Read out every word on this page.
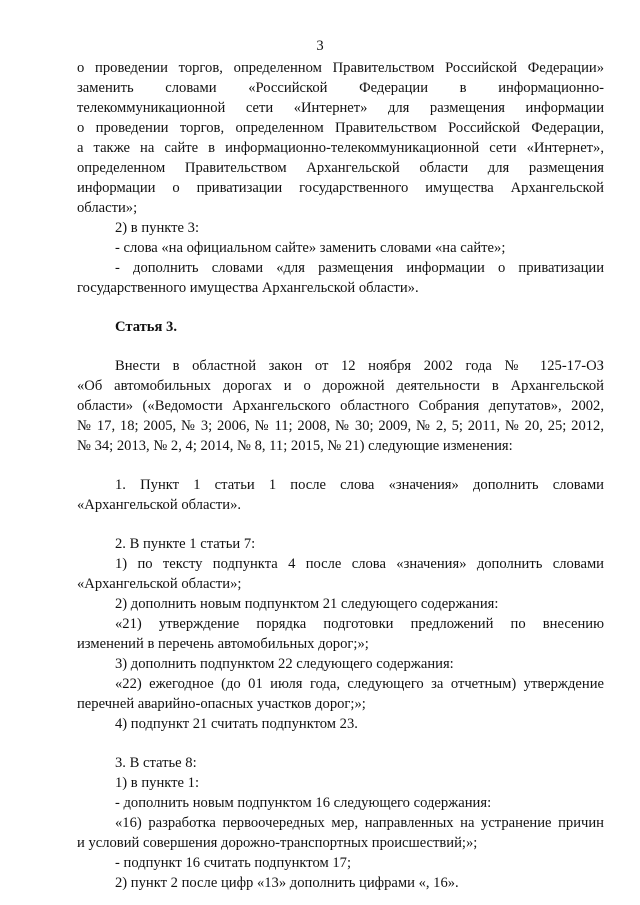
3
о проведении торгов, определенном Правительством Российской Федерации»
заменить словами «Российской Федерации в информационно-
телекоммуникационной сети «Интернет» для размещения информации
о проведении торгов, определенном Правительством Российской Федерации,
а также на сайте в информационно-телекоммуникационной сети «Интернет»,
определенном Правительством Архангельской области для размещения
информации о приватизации государственного имущества Архангельской
области»;
2) в пункте 3:
- слова «на официальном сайте» заменить словами «на сайте»;
- дополнить словами «для размещения информации о приватизации
государственного имущества Архангельской области».
Статья 3.
Внести в областной закон от 12 ноября 2002 года № 125-17-ОЗ
«Об автомобильных дорогах и о дорожной деятельности в Архангельской
области» («Ведомости Архангельского областного Собрания депутатов», 2002,
№ 17, 18; 2005, № 3; 2006, № 11; 2008, № 30; 2009, № 2, 5; 2011, № 20, 25; 2012,
№ 34; 2013, № 2, 4; 2014, № 8, 11; 2015, № 21) следующие изменения:
1. Пункт 1 статьи 1 после слова «значения» дополнить словами
«Архангельской области».
2. В пункте 1 статьи 7:
1) по тексту подпункта 4 после слова «значения» дополнить словами
«Архангельской области»;
2) дополнить новым подпунктом 21 следующего содержания:
«21) утверждение порядка подготовки предложений по внесению
изменений в перечень автомобильных дорог;»;
3) дополнить подпунктом 22 следующего содержания:
«22) ежегодное (до 01 июля года, следующего за отчетным) утверждение
перечней аварийно-опасных участков дорог;»;
4) подпункт 21 считать подпунктом 23.
3. В статье 8:
1) в пункте 1:
- дополнить новым подпунктом 16 следующего содержания:
«16) разработка первоочередных мер, направленных на устранение причин
и условий совершения дорожно-транспортных происшествий;»;
- подпункт 16 считать подпунктом 17;
2) пункт 2 после цифр «13» дополнить цифрами «, 16».
